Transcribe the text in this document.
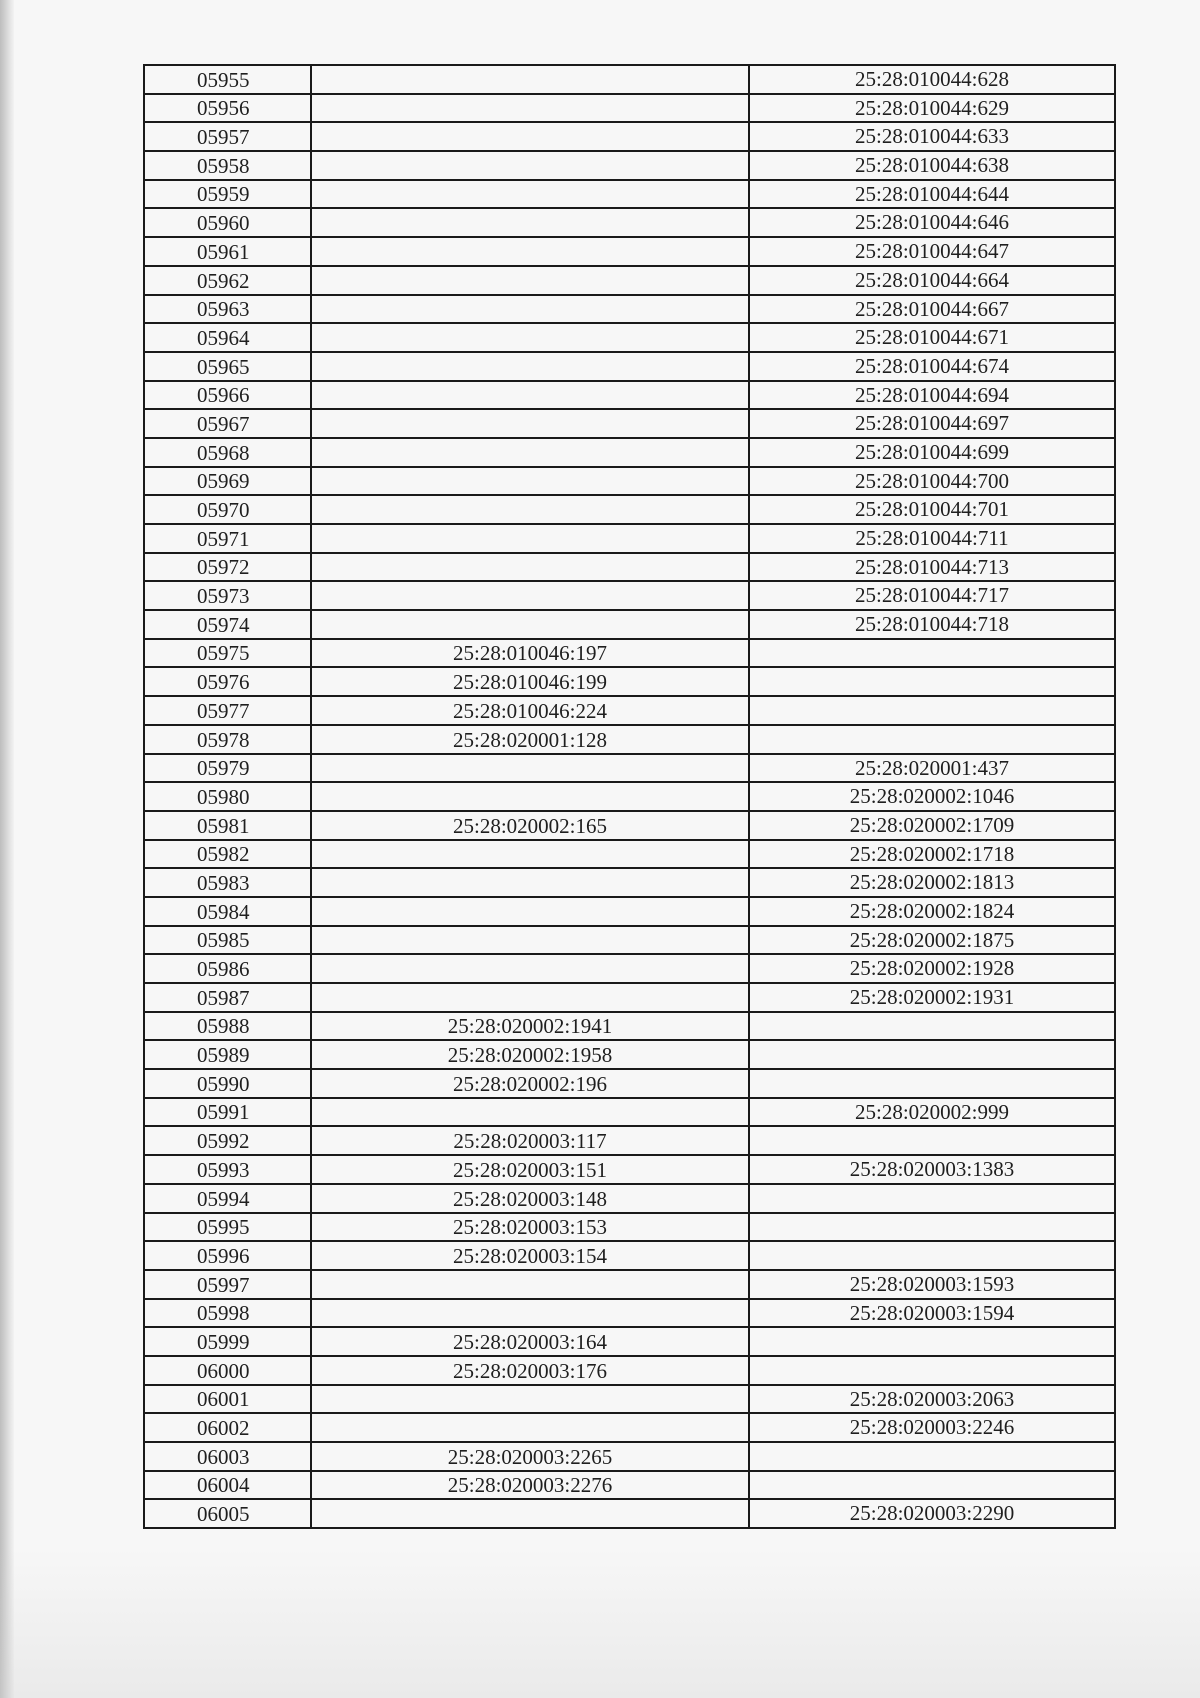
05955		25:28:010044:628
05956		25:28:010044:629
05957		25:28:010044:633
05958		25:28:010044:638
05959		25:28:010044:644
05960		25:28:010044:646
05961		25:28:010044:647
05962		25:28:010044:664
05963		25:28:010044:667
05964		25:28:010044:671
05965		25:28:010044:674
05966		25:28:010044:694
05967		25:28:010044:697
05968		25:28:010044:699
05969		25:28:010044:700
05970		25:28:010044:701
05971		25:28:010044:711
05972		25:28:010044:713
05973		25:28:010044:717
05974		25:28:010044:718
05975	25:28:010046:197	
05976	25:28:010046:199	
05977	25:28:010046:224	
05978	25:28:020001:128	
05979		25:28:020001:437
05980		25:28:020002:1046
05981	25:28:020002:165	25:28:020002:1709
05982		25:28:020002:1718
05983		25:28:020002:1813
05984		25:28:020002:1824
05985		25:28:020002:1875
05986		25:28:020002:1928
05987		25:28:020002:1931
05988	25:28:020002:1941	
05989	25:28:020002:1958	
05990	25:28:020002:196	
05991		25:28:020002:999
05992	25:28:020003:117	
05993	25:28:020003:151	25:28:020003:1383
05994	25:28:020003:148	
05995	25:28:020003:153	
05996	25:28:020003:154	
05997		25:28:020003:1593
05998		25:28:020003:1594
05999	25:28:020003:164	
06000	25:28:020003:176	
06001		25:28:020003:2063
06002		25:28:020003:2246
06003	25:28:020003:2265	
06004	25:28:020003:2276	
06005		25:28:020003:2290
